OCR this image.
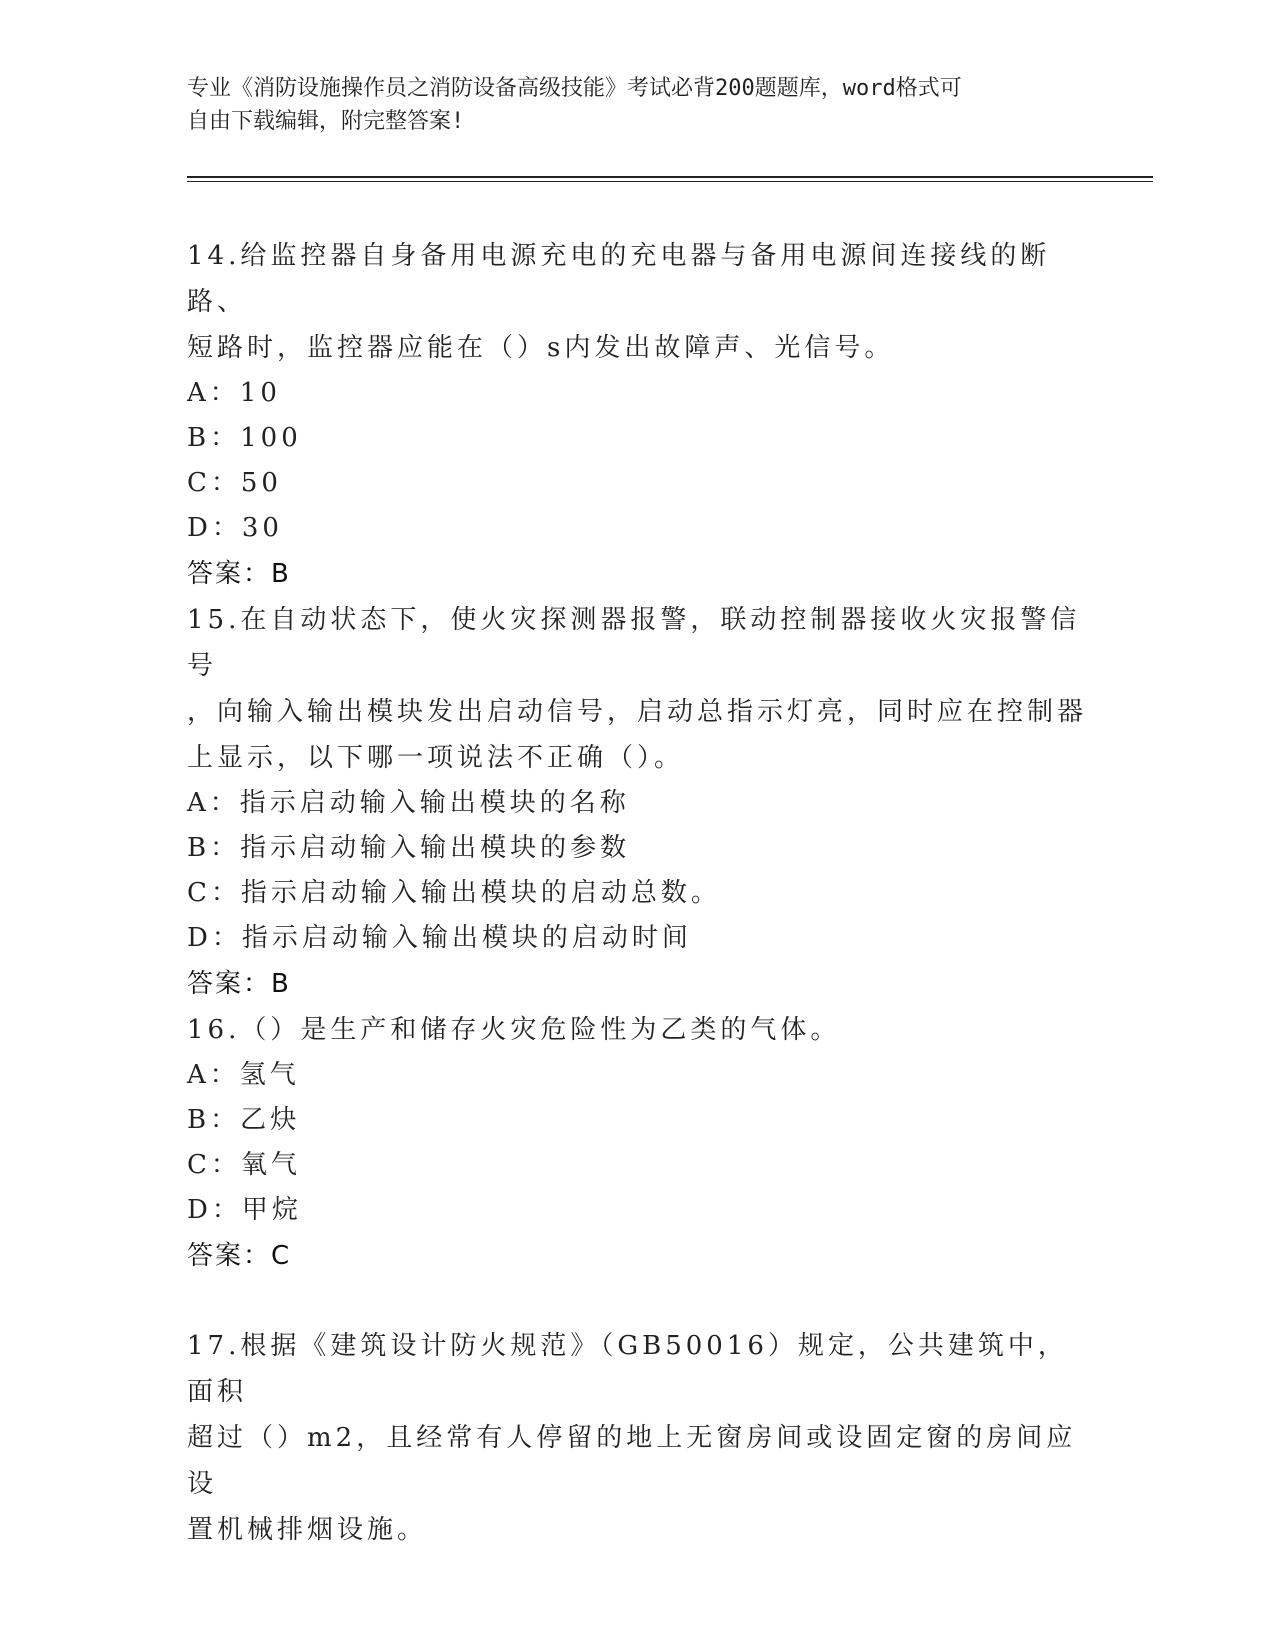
专业《消防设施操作员之消防设备高级技能》考试必背200题题库，word格式可
自由下载编辑，附完整答案!

14.给监控器自身备用电源充电的充电器与备用电源间连接线的断路、

短路时，监控器应能在（）s内发出故障声、光信号。

A：10

B：100

C：50

D：30

答案：B

15.在自动状态下，使火灾探测器报警，联动控制器接收火灾报警信号

，向输入输出模块发出启动信号，启动总指示灯亮，同时应在控制器

上显示，以下哪一项说法不正确（）。

A：指示启动输入输出模块的名称

B：指示启动输入输出模块的参数

C：指示启动输入输出模块的启动总数。

D：指示启动输入输出模块的启动时间

答案：B

16.（）是生产和储存火灾危险性为乙类的气体。

A：氢气

B：乙炔

C：氧气

D：甲烷

答案：C

17.根据《建筑设计防火规范》（GB50016）规定，公共建筑中，面积

超过（）m2，且经常有人停留的地上无窗房间或设固定窗的房间应设

置机械排烟设施。
